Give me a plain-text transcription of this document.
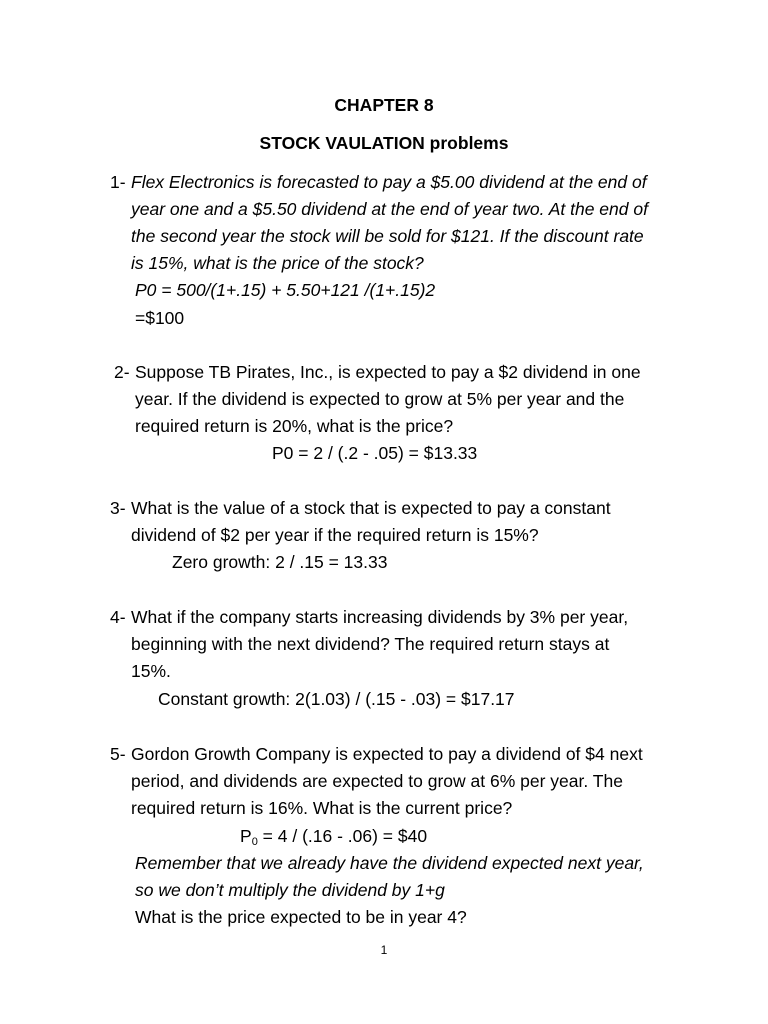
CHAPTER 8
STOCK VAULATION problems
1- Flex Electronics is forecasted to pay a $5.00 dividend at the end of
year one and a $5.50 dividend at the end of year two. At the end of
the second year the stock will be sold for $121. If the discount rate
is 15%, what is the price of the stock?
P0 = 500/(1+.15) + 5.50+121 /(1+.15)2
=$100
2- Suppose TB Pirates, Inc., is expected to pay a $2 dividend in one
year. If the dividend is expected to grow at 5% per year and the
required return is 20%, what is the price?
P0 = 2 / (.2 - .05) = $13.33
3- What is the value of a stock that is expected to pay a constant
dividend of $2 per year if the required return is 15%?
Zero growth: 2 / .15 = 13.33
4- What if the company starts increasing dividends by 3% per year,
beginning with the next dividend? The required return stays at
15%.
Constant growth: 2(1.03) / (.15 - .03) = $17.17
5- Gordon Growth Company is expected to pay a dividend of $4 next
period, and dividends are expected to grow at 6% per year. The
required return is 16%. What is the current price?
$P_0 = 4 / (.16 - .06)$ = $40
Remember that we already have the dividend expected next year,
so we don’t multiply the dividend by 1+g
What is the price expected to be in year 4?
1
